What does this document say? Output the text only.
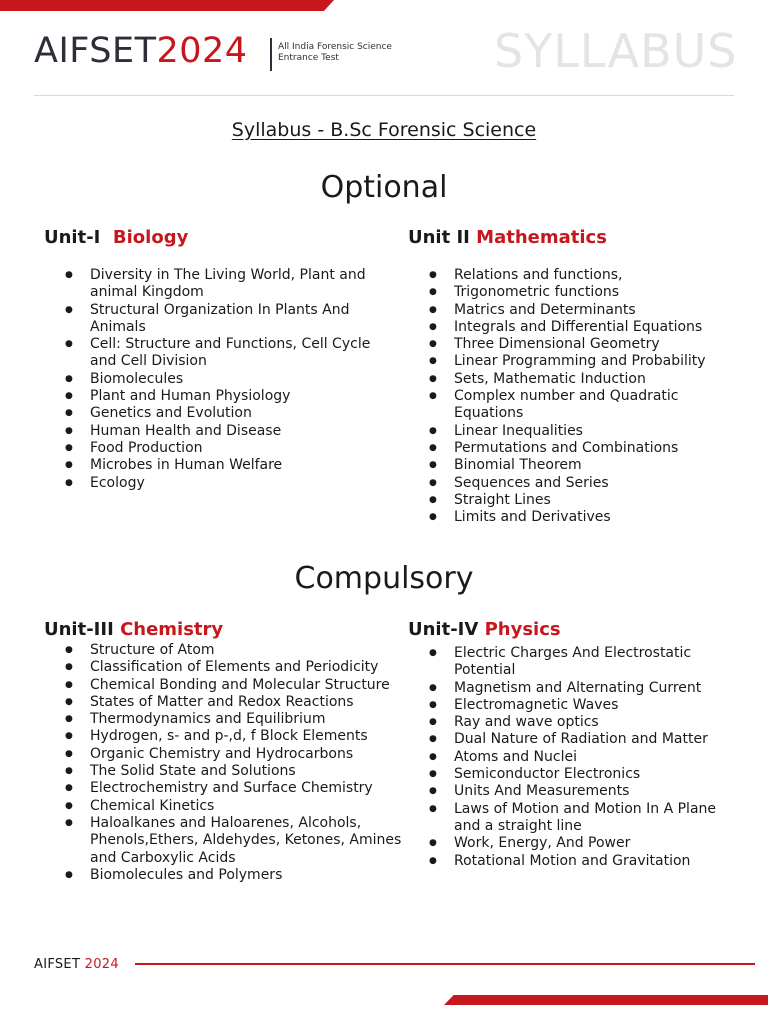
AIFSET2024	All India Forensic Science
Entrance Test	SYLLABUS
Syllabus - B.Sc Forensic Science
Optional
Unit-I Biology
● Diversity in The Living World, Plant and animal Kingdom
● Structural Organization In Plants And Animals
● Cell: Structure and Functions, Cell Cycle and Cell Division
● Biomolecules
● Plant and Human Physiology
● Genetics and Evolution
● Human Health and Disease
● Food Production
● Microbes in Human Welfare
● Ecology
Unit II Mathematics
● Relations and functions,
● Trigonometric functions
● Matrics and Determinants
● Integrals and Differential Equations
● Three Dimensional Geometry
● Linear Programming and Probability
● Sets, Mathematic Induction
● Complex number and Quadratic Equations
● Linear Inequalities
● Permutations and Combinations
● Binomial Theorem
● Sequences and Series
● Straight Lines
● Limits and Derivatives
Compulsory
Unit-III Chemistry
● Structure of Atom
● Classification of Elements and Periodicity
● Chemical Bonding and Molecular Structure
● States of Matter and Redox Reactions
● Thermodynamics and Equilibrium
● Hydrogen, s- and p-,d, f Block Elements
● Organic Chemistry and Hydrocarbons
● The Solid State and Solutions
● Electrochemistry and Surface Chemistry
● Chemical Kinetics
● Haloalkanes and Haloarenes, Alcohols, Phenols,Ethers, Aldehydes, Ketones, Amines and Carboxylic Acids
● Biomolecules and Polymers
Unit-IV Physics
● Electric Charges And Electrostatic Potential
● Magnetism and Alternating Current
● Electromagnetic Waves
● Ray and wave optics
● Dual Nature of Radiation and Matter
● Atoms and Nuclei
● Semiconductor Electronics
● Units And Measurements
● Laws of Motion and Motion In A Plane and a straight line
● Work, Energy, And Power
● Rotational Motion and Gravitation
AIFSET 2024
